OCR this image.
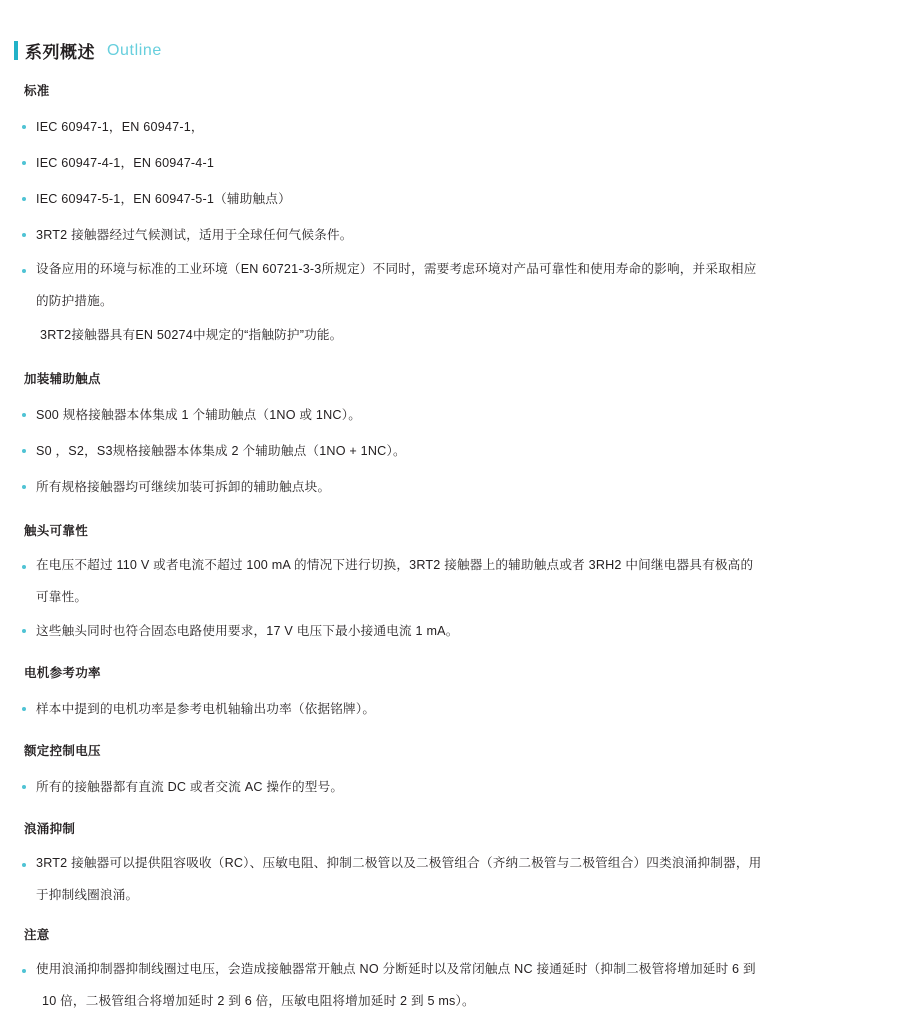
系列概述 Outline
标准
IEC 60947-1，EN 60947-1，
IEC 60947-4-1，EN 60947-4-1
IEC 60947-5-1，EN 60947-5-1（辅助触点）
3RT2 接触器经过气候测试，适用于全球任何气候条件。
设备应用的环境与标准的工业环境（EN 60721-3-3所规定）不同时，需要考虑环境对产品可靠性和使用寿命的影响，并采取相应
的防护措施。
3RT2接触器具有EN 50274中规定的“指触防护”功能。
加装辅助触点
S00 规格接触器本体集成 1 个辅助触点（1NO 或 1NC）。
S0 ，S2，S3规格接触器本体集成 2 个辅助触点（1NO + 1NC）。
所有规格接触器均可继续加装可拆卸的辅助触点块。
触头可靠性
在电压不超过 110 V 或者电流不超过 100 mA 的情况下进行切换，3RT2 接触器上的辅助触点或者 3RH2 中间继电器具有极高的
可靠性。
这些触头同时也符合固态电路使用要求，17 V 电压下最小接通电流 1 mA。
电机参考功率
样本中提到的电机功率是参考电机轴输出功率（依据铭牌）。
额定控制电压
所有的接触器都有直流 DC 或者交流 AC 操作的型号。
浪涌抑制
3RT2 接触器可以提供阻容吸收（RC）、压敏电阻、抑制二极管以及二极管组合（齐纳二极管与二极管组合）四类浪涌抑制器，用
于抑制线圈浪涌。
注意
使用浪涌抑制器抑制线圈过电压，会造成接触器常开触点 NO 分断延时以及常闭触点 NC 接通延时（抑制二极管将增加延时 6 到
10 倍，二极管组合将增加延时 2 到 6 倍，压敏电阻将增加延时 2 到 5 ms）。
